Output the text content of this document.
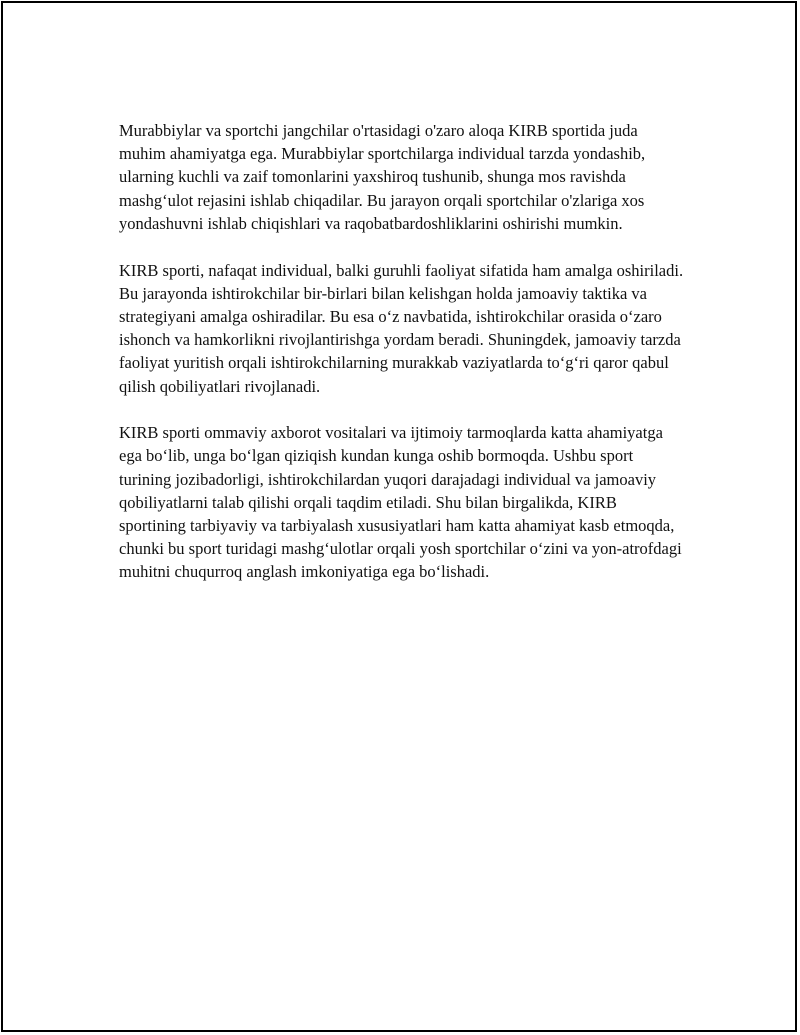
Murabbiylar va sportchi jangchilar o'rtasidagi o'zaro aloqa KIRB sportida juda muhim ahamiyatga ega. Murabbiylar sportchilarga individual tarzda yondashib, ularning kuchli va zaif tomonlarini yaxshiroq tushunib, shunga mos ravishda mashg‘ulot rejasini ishlab chiqadilar. Bu jarayon orqali sportchilar o'zlariga xos yondashuvni ishlab chiqishlari va raqobatbardoshliklarini oshirishi mumkin.

KIRB sporti, nafaqat individual, balki guruhli faoliyat sifatida ham amalga oshiriladi. Bu jarayonda ishtirokchilar bir-birlari bilan kelishgan holda jamoaviy taktika va strategiyani amalga oshiradilar. Bu esa o‘z navbatida, ishtirokchilar orasida o‘zaro ishonch va hamkorlikni rivojlantirishga yordam beradi. Shuningdek, jamoaviy tarzda faoliyat yuritish orqali ishtirokchilarning murakkab vaziyatlarda to‘g‘ri qaror qabul qilish qobiliyatlari rivojlanadi.

KIRB sporti ommaviy axborot vositalari va ijtimoiy tarmoqlarda katta ahamiyatga ega bo‘lib, unga bo‘lgan qiziqish kundan kunga oshib bormoqda. Ushbu sport turining jozibadorligi, ishtirokchilardan yuqori darajadagi individual va jamoaviy qobiliyatlarni talab qilishi orqali taqdim etiladi. Shu bilan birgalikda, KIRB sportining tarbiyaviy va tarbiyalash xususiyatlari ham katta ahamiyat kasb etmoqda, chunki bu sport turidagi mashg‘ulotlar orqali yosh sportchilar o‘zini va yon-atrofdagi muhitni chuqurroq anglash imkoniyatiga ega bo‘lishadi.
